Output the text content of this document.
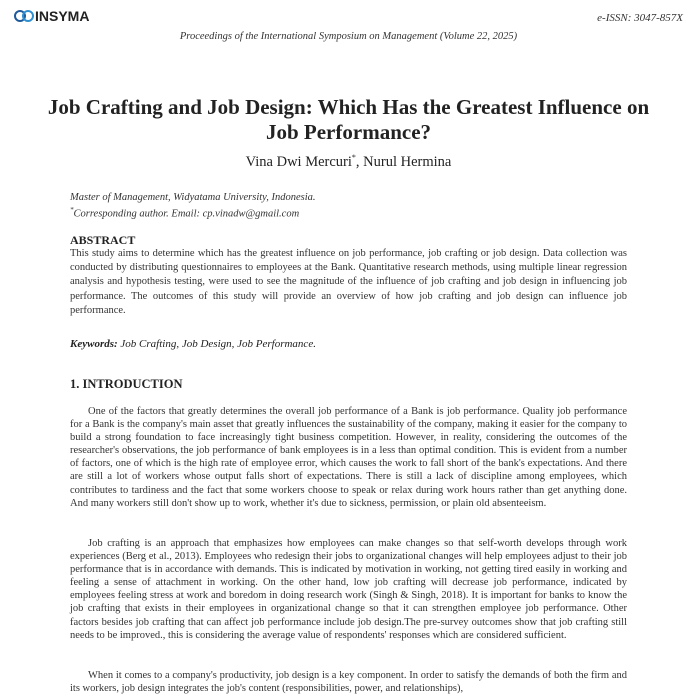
INSYMA	e-ISSN: 3047-857X
Proceedings of the International Symposium on Management (Volume 22, 2025)
Job Crafting and Job Design: Which Has the Greatest Influence on Job Performance?
Vina Dwi Mercuri*, Nurul Hermina
Master of Management, Widyatama University, Indonesia.
*Corresponding author. Email: cp.vinadw@gmail.com
ABSTRACT

This study aims to determine which has the greatest influence on job performance, job crafting or job design. Data collection was conducted by distributing questionnaires to employees at the Bank. Quantitative research methods, using multiple linear regression analysis and hypothesis testing, were used to see the magnitude of the influence of job crafting and job design in influencing job performance. The outcomes of this study will provide an overview of how job crafting and job design can influence job performance.

Keywords: Job Crafting, Job Design, Job Performance.
1. INTRODUCTION

One of the factors that greatly determines the overall job performance of a Bank is job performance. Quality job performance for a Bank is the company's main asset that greatly influences the sustainability of the company, making it easier for the company to build a strong foundation to face increasingly tight business competition. However, in reality, considering the outcomes of the researcher's observations, the job performance of bank employees is in a less than optimal condition. This is evident from a number of factors, one of which is the high rate of employee error, which causes the work to fall short of the bank's expectations. And there are still a lot of workers whose output falls short of expectations. There is still a lack of discipline among employees, which contributes to tardiness and the fact that some workers choose to speak or relax during work hours rather than get anything done. And many workers still don't show up to work, whether it's due to sickness, permission, or plain old absenteeism.

Job crafting is an approach that emphasizes how employees can make changes so that self-worth develops through work experiences (Berg et al., 2013). Employees who redesign their jobs to organizational changes will help employees adjust to their job performance that is in accordance with demands. This is indicated by motivation in working, not getting tired easily in working and feeling a sense of attachment in working. On the other hand, low job crafting will decrease job performance, indicated by employees feeling stress at work and boredom in doing research work (Singh & Singh, 2018). It is important for banks to know the job crafting that exists in their employees in organizational change so that it can strengthen employee job performance. Other factors besides job crafting that can affect job performance include job design.The pre-survey outcomes show that job crafting still needs to be improved., this is considering the average value of respondents' responses which are considered sufficient.

When it comes to a company's productivity, job design is a key component. In order to satisfy the demands of both the firm and its workers, job design integrates the job's content (responsibilities, power, and relationships),
